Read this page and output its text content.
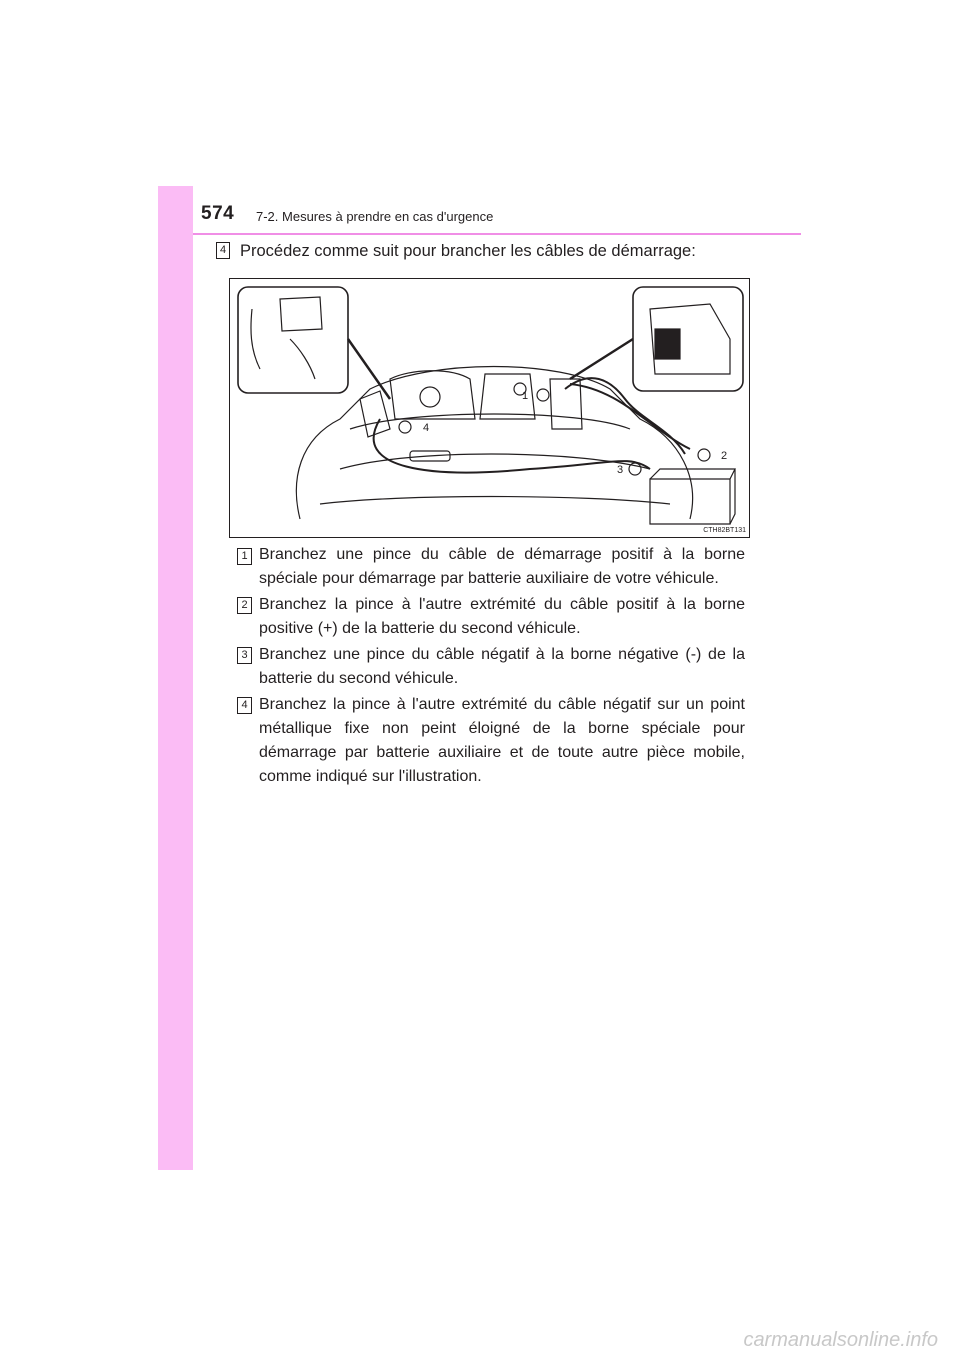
574 7-2. Mesures à prendre en cas d'urgence
4 Procédez comme suit pour brancher les câbles de démarrage:
1
2
3
4
CTH82BT131
1 Branchez une pince du câble de démarrage positif à la borne spéciale pour démarrage par batterie auxiliaire de votre véhicule.
2 Branchez la pince à l'autre extrémité du câble positif à la borne positive (+) de la batterie du second véhicule.
3 Branchez une pince du câble négatif à la borne négative (-) de la batterie du second véhicule.
4 Branchez la pince à l'autre extrémité du câble négatif sur un point métallique fixe non peint éloigné de la borne spéciale pour démarrage par batterie auxiliaire et de toute autre pièce mobile, comme indiqué sur l'illustration.
carmanualsonline.info
